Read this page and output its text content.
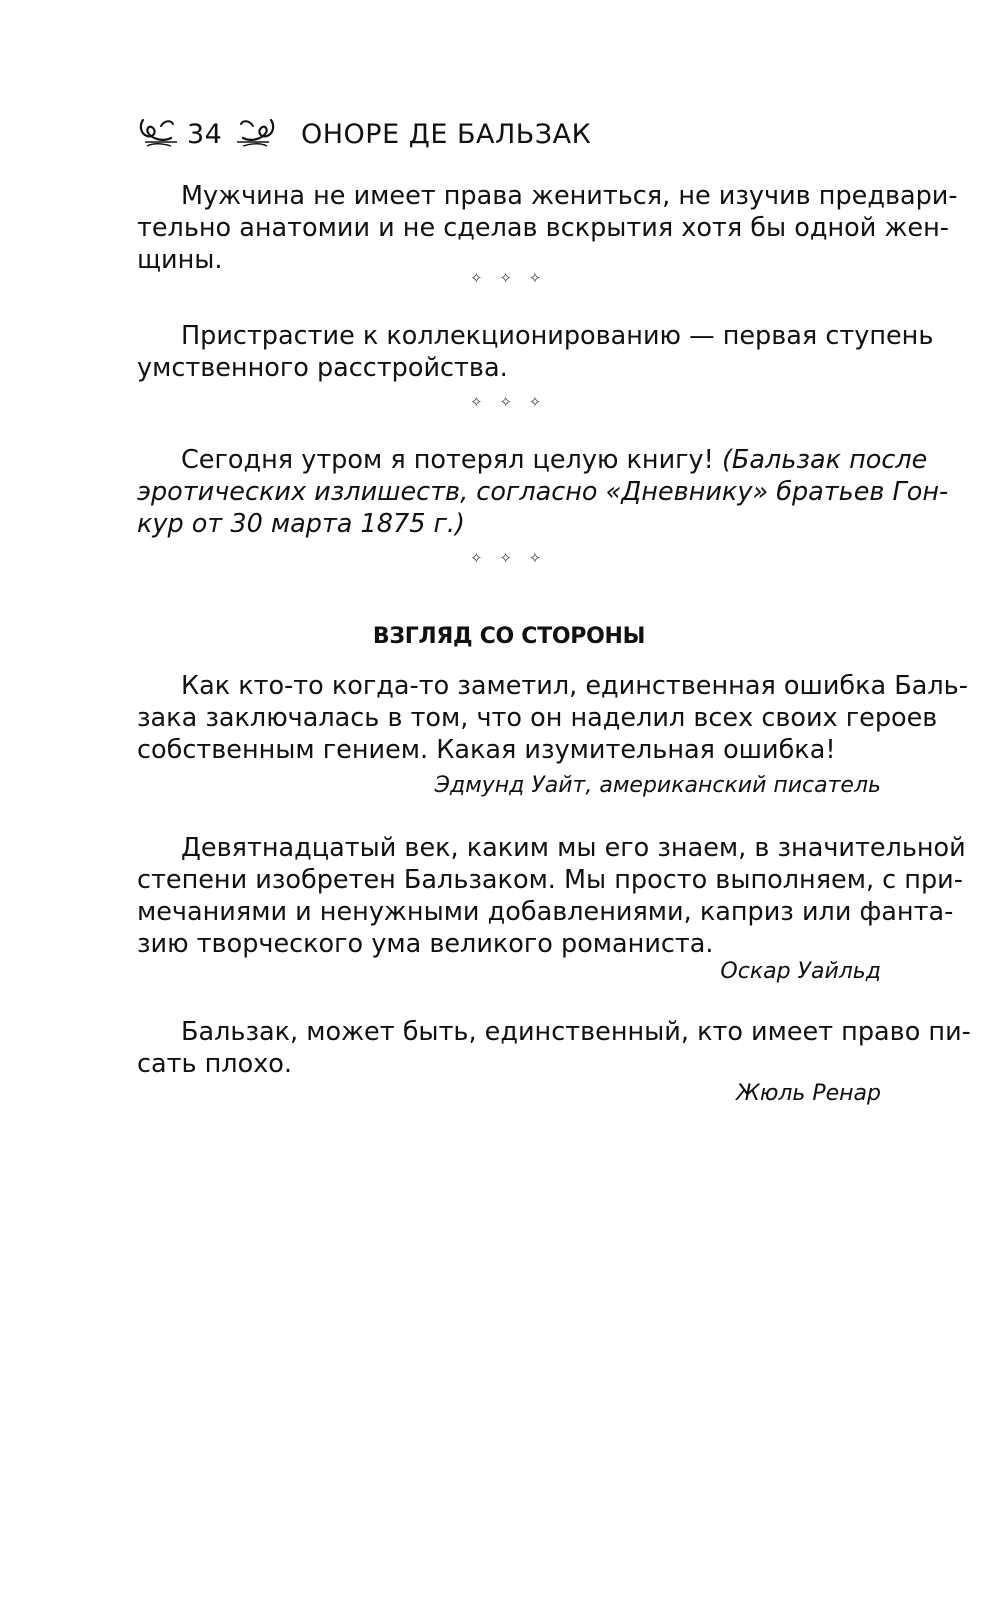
34	ОНОРЕ ДЕ БАЛЬЗАК
Мужчина не имеет права жениться, не изучив предвари-
тельно анатомии и не сделав вскрытия хотя бы одной жен-
щины.
✧ ✧ ✧
Пристрастие к коллекционированию — первая ступень
умственного расстройства.
✧ ✧ ✧
Сегодня утром я потерял целую книгу! (Бальзак после
эротических излишеств, согласно «Дневнику» братьев Гон-
кур от 30 марта 1875 г.)
✧ ✧ ✧
ВЗГЛЯД СО СТОРОНЫ
Как кто-то когда-то заметил, единственная ошибка Баль-
зака заключалась в том, что он наделил всех своих героев
собственным гением. Какая изумительная ошибка!
Эдмунд Уайт, американский писатель
Девятнадцатый век, каким мы его знаем, в значительной
степени изобретен Бальзаком. Мы просто выполняем, с при-
мечаниями и ненужными добавлениями, каприз или фанта-
зию творческого ума великого романиста.
Оскар Уайльд
Бальзак, может быть, единственный, кто имеет право пи-
сать плохо.
Жюль Ренар
